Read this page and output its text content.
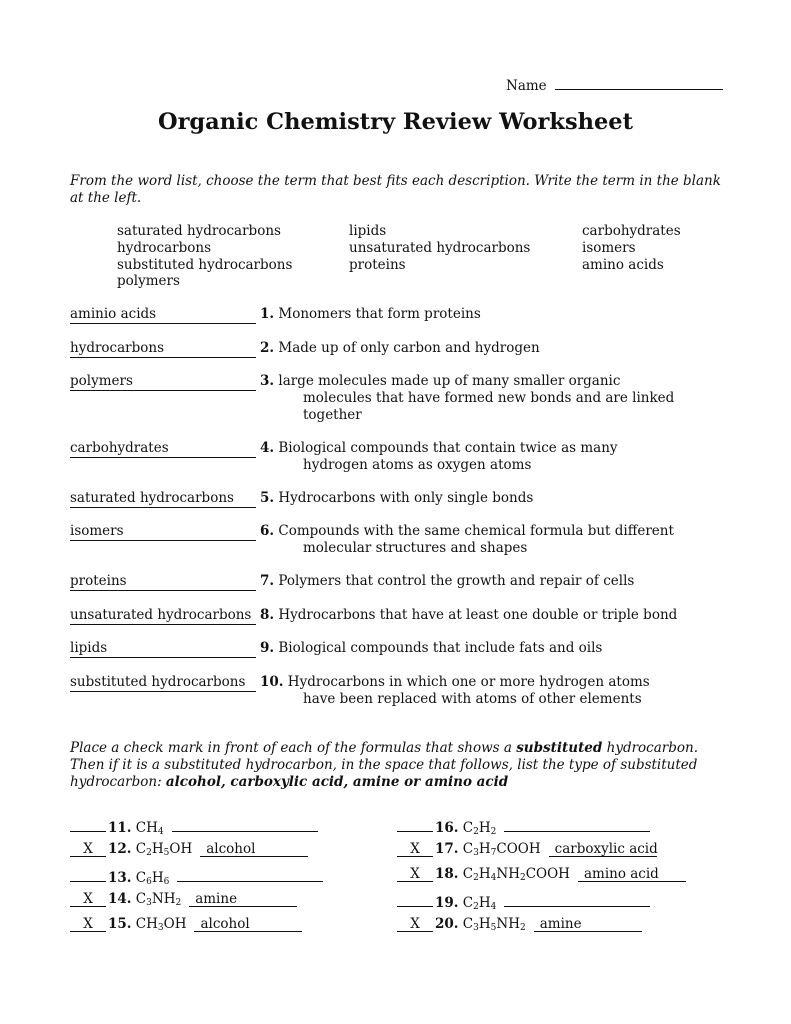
Name
Organic Chemistry Review Worksheet
From the word list, choose the term that best fits each description. Write the term in the blank
at the left.
saturated hydrocarbons	lipids	carbohydrates
hydrocarbons	unsaturated hydrocarbons	isomers
substituted hydrocarbons	proteins	amino acids
polymers
aminio acids	1. Monomers that form proteins
hydrocarbons	2. Made up of only carbon and hydrogen
polymers	3. large molecules made up of many smaller organic
molecules that have formed new bonds and are linked
together
carbohydrates	4. Biological compounds that contain twice as many
hydrogen atoms as oxygen atoms
saturated hydrocarbons	5. Hydrocarbons with only single bonds
isomers	6. Compounds with the same chemical formula but different
molecular structures and shapes
proteins	7. Polymers that control the growth and repair of cells
unsaturated hydrocarbons 8. Hydrocarbons that have at least one double or triple bond
lipids	9. Biological compounds that include fats and oils
substituted hydrocarbons	10. Hydrocarbons in which one or more hydrogen atoms
have been replaced with atoms of other elements
Place a check mark in front of each of the formulas that shows a substituted hydrocarbon.
Then if it is a substituted hydrocarbon, in the space that follows, list the type of substituted
hydrocarbon: alcohol, carboxylic acid, amine or amino acid
11. $CH_4$
X 12. $C_2H_5OH$ alcohol
13. $C_6H_6$
X 14. $C_3NH_2$ amine
X 15. $CH_3OH$ alcohol
16. $C_2H_2$
X 17. $C_3H_7COOH$ carboxylic acid
X 18. $C_2H_4NH_2COOH$ amino acid
19. $C_2H_4$
X 20. $C_3H_5NH_2$ amine
